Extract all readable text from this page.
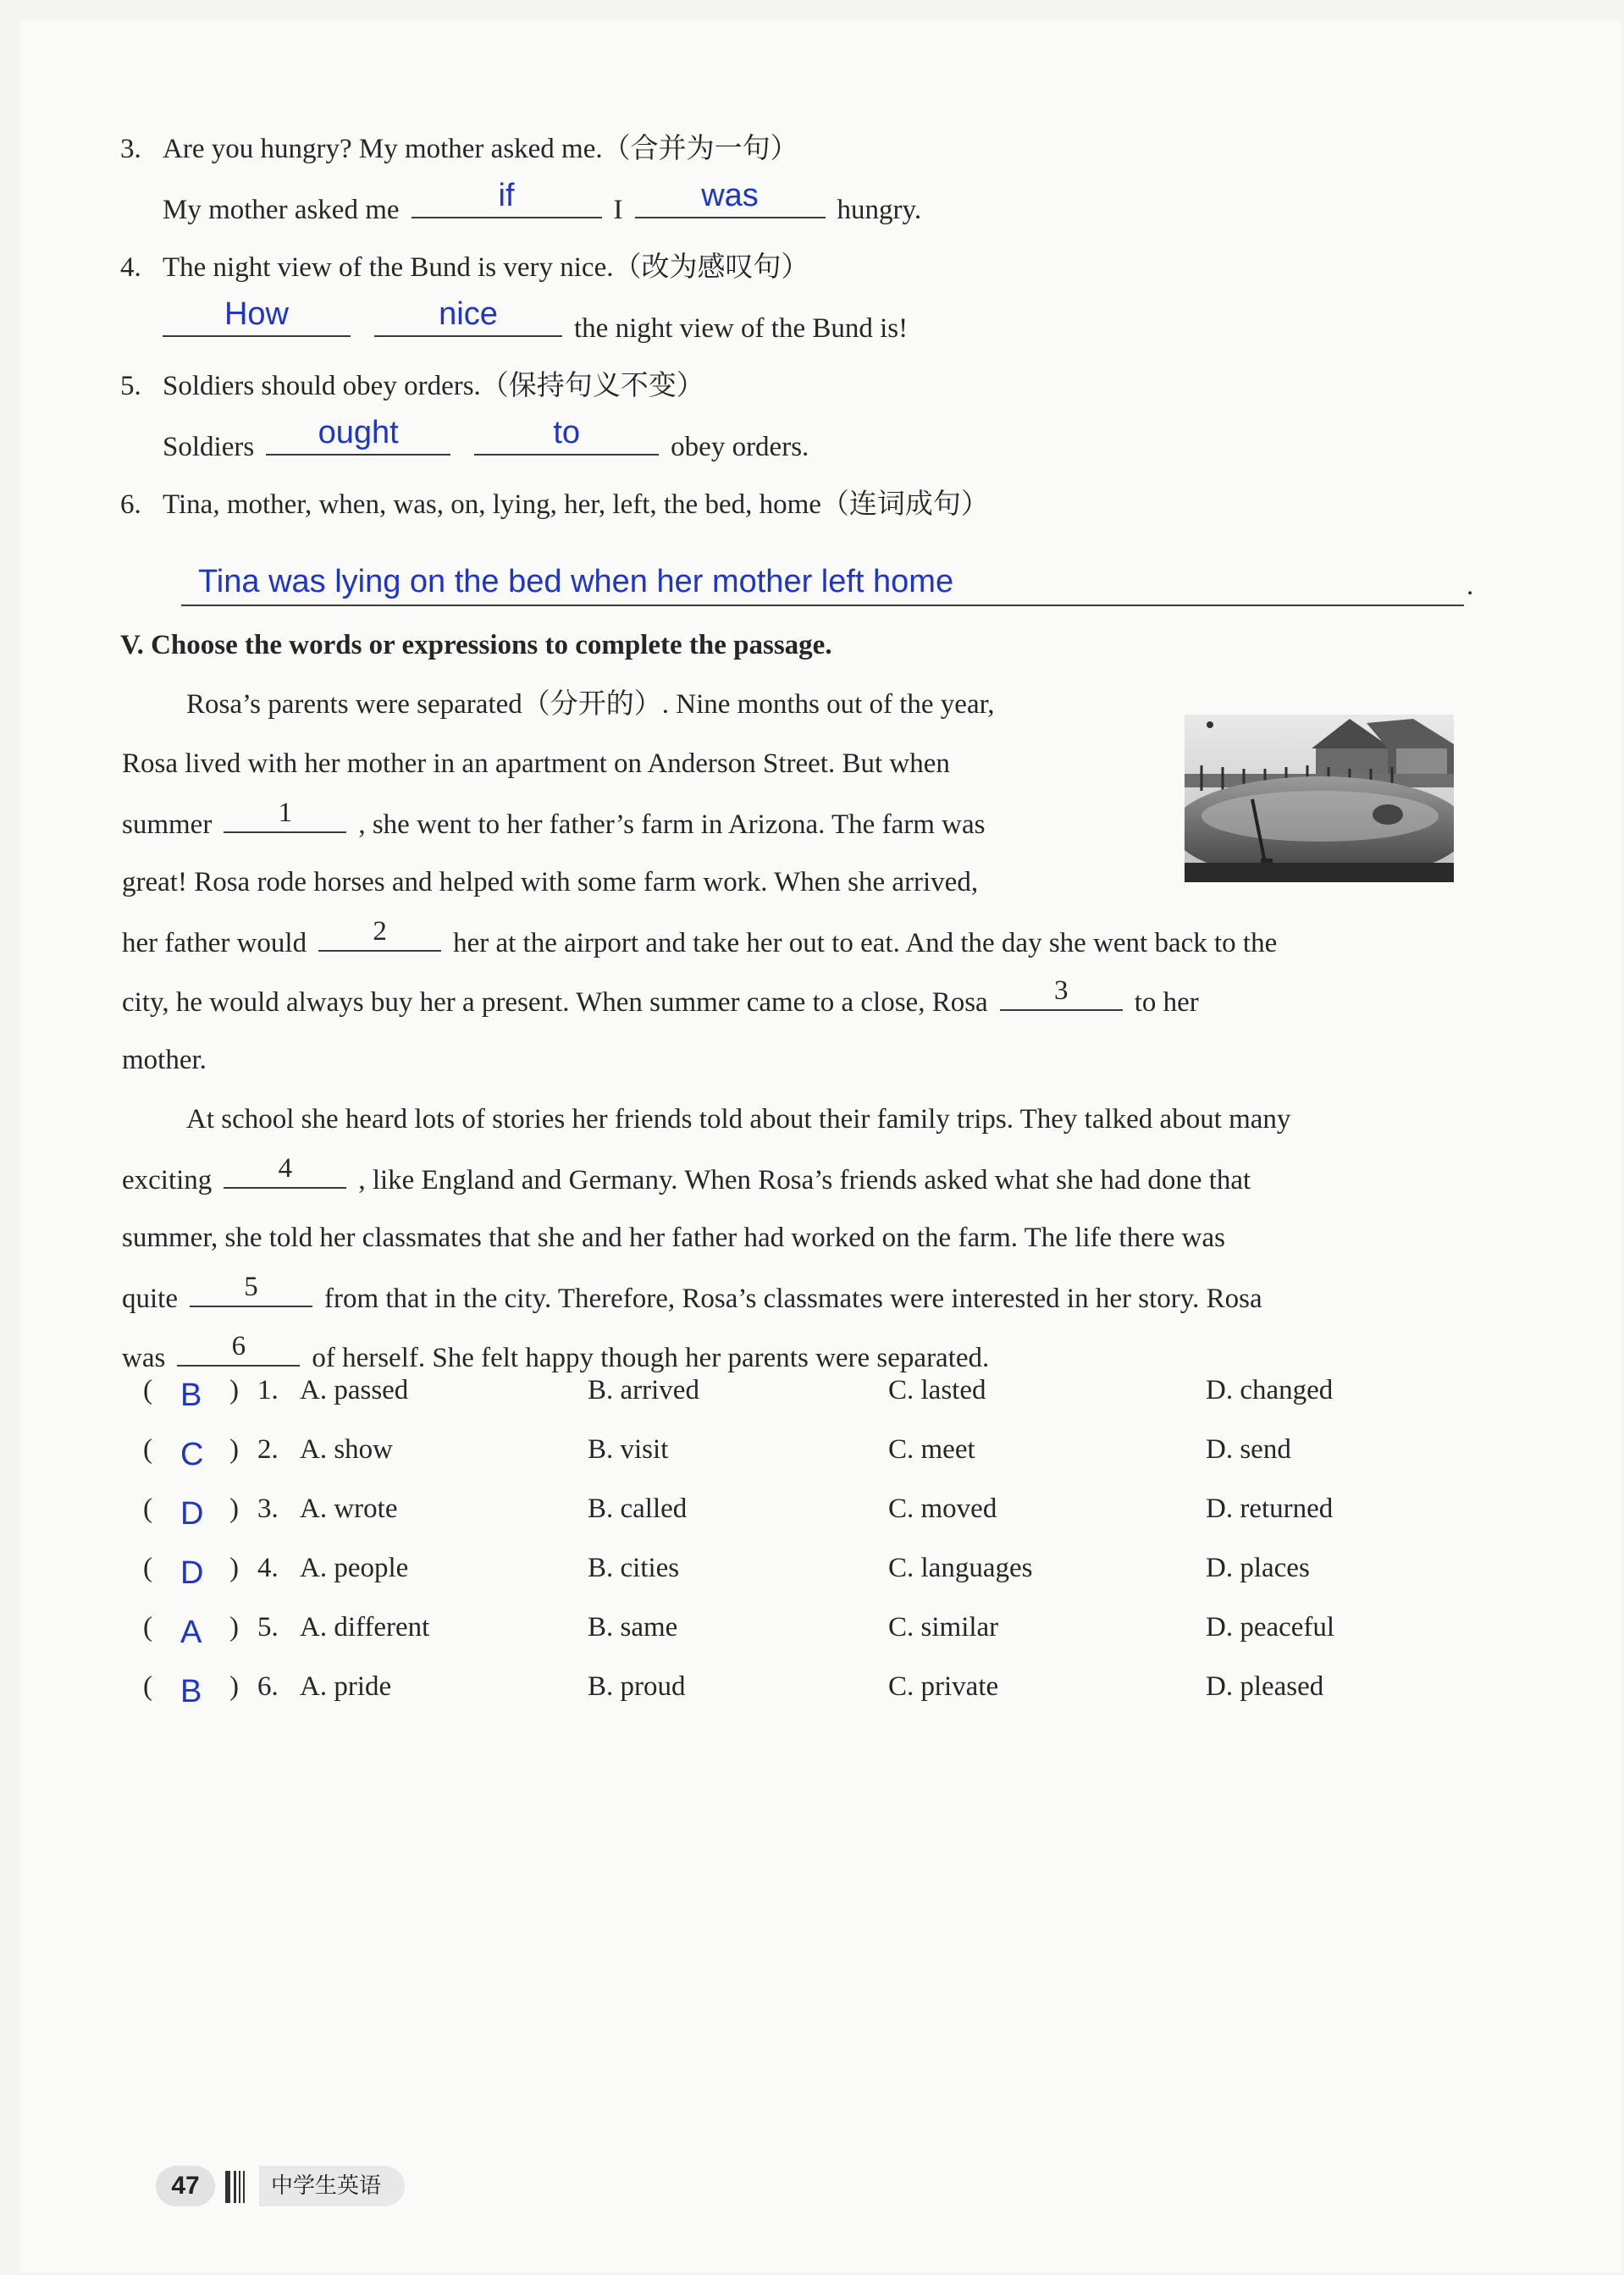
3. Are you hungry? My mother asked me.（合并为一句）
My mother asked me	if	I	was	hungry.
4. The night view of the Bund is very nice.（改为感叹句）
How	nice	the night view of the Bund is!
5. Soldiers should obey orders.（保持句义不变）
Soldiers	ought	to	obey orders.
6. Tina, mother, when, was, on, lying, her, left, the bed, home（连词成句）
Tina was lying on the bed when her mother left home	.
V. Choose the words or expressions to complete the passage.
Rosa’s parents were separated（分开的）. Nine months out of the year,
Rosa lived with her mother in an apartment on Anderson Street. But when
summer	1	, she went to her father’s farm in Arizona. The farm was
great! Rosa rode horses and helped with some farm work. When she arrived,
her father would	2	her at the airport and take her out to eat. And the day she went back to the
city, he would always buy her a present. When summer came to a close, Rosa	3	to her
mother.
At school she heard lots of stories her friends told about their family trips. They talked about many
exciting	4	, like England and Germany. When Rosa’s friends asked what she had done that
summer, she told her classmates that she and her father had worked on the farm. The life there was
quite	5	from that in the city. Therefore, Rosa’s classmates were interested in her story. Rosa
was	6	of herself. She felt happy though her parents were separated.
( B ) 1. A. passed	B. arrived	C. lasted	D. changed
( C ) 2. A. show	B. visit	C. meet	D. send
( D ) 3. A. wrote	B. called	C. moved	D. returned
( D ) 4. A. people	B. cities	C. languages	D. places
( A ) 5. A. different	B. same	C. similar	D. peaceful
( B ) 6. A. pride	B. proud	C. private	D. pleased
47	中学生英语
